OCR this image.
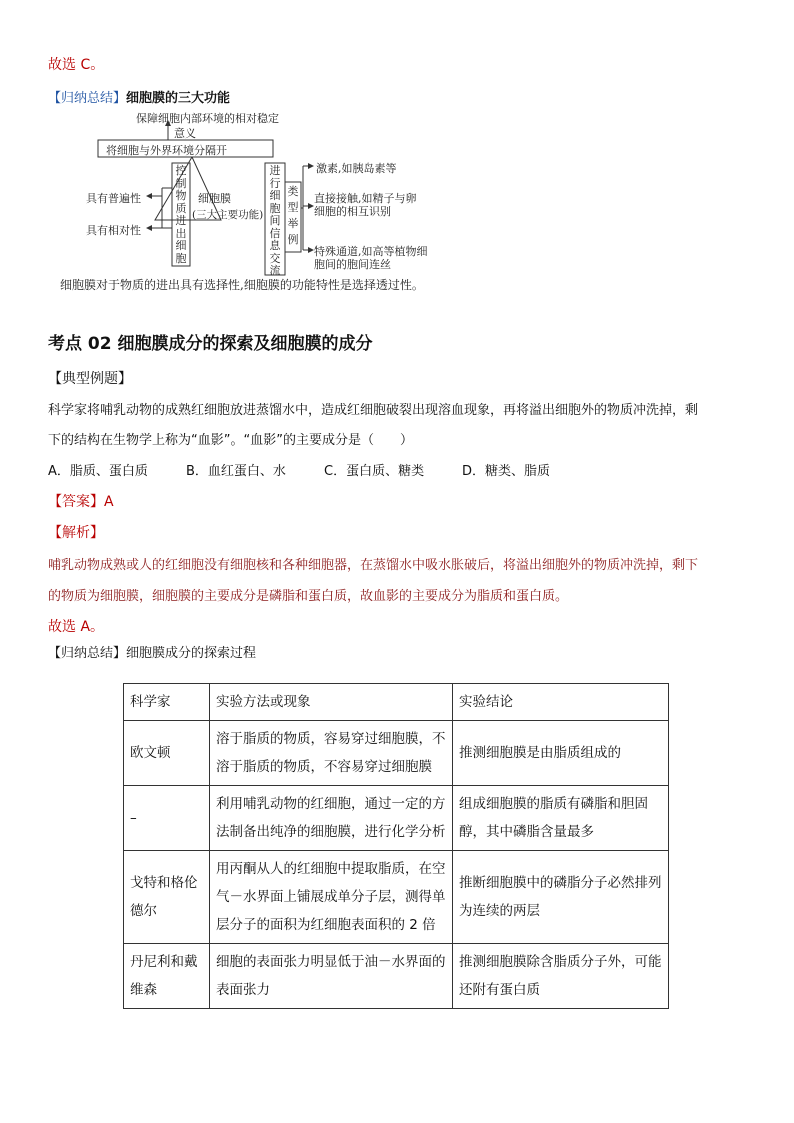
故选 C。
【归纳总结】细胞膜的三大功能
保障细胞内部环境的相对稳定
意义
将细胞与外界环境分隔开
控制物质进出细胞
细胞膜
(三大主要功能)
进行细胞间信息交流
类型举例
具有普遍性
具有相对性
激素,如胰岛素等
直接接触,如精子与卵细胞的相互识别
特殊通道,如高等植物细胞间的胞间连丝
细胞膜对于物质的进出具有选择性,细胞膜的功能特性是选择透过性。
考点 02 细胞膜成分的探索及细胞膜的成分
【典型例题】
科学家将哺乳动物的成熟红细胞放进蒸馏水中，造成红细胞破裂出现溶血现象，再将溢出细胞外的物质冲洗掉，剩
下的结构在生物学上称为“血影”。“血影”的主要成分是（　　）
A．脂质、蛋白质	B．血红蛋白、水	C．蛋白质、糖类	D．糖类、脂质
【答案】A
【解析】
哺乳动物成熟或人的红细胞没有细胞核和各种细胞器，在蒸馏水中吸水胀破后，将溢出细胞外的物质冲洗掉，剩下
的物质为细胞膜，细胞膜的主要成分是磷脂和蛋白质，故血影的主要成分为脂质和蛋白质。
故选 A。
【归纳总结】细胞膜成分的探索过程
科学家	实验方法或现象	实验结论
欧文顿	溶于脂质的物质，容易穿过细胞膜，不溶于脂质的物质，不容易穿过细胞膜	推测细胞膜是由脂质组成的
–	利用哺乳动物的红细胞，通过一定的方法制备出纯净的细胞膜，进行化学分析	组成细胞膜的脂质有磷脂和胆固醇，其中磷脂含量最多
戈特和格伦德尔	用丙酮从人的红细胞中提取脂质，在空气－水界面上铺展成单分子层，测得单层分子的面积为红细胞表面积的 2 倍	推断细胞膜中的磷脂分子必然排列为连续的两层
丹尼利和戴维森	细胞的表面张力明显低于油－水界面的表面张力	推测细胞膜除含脂质分子外，可能还附有蛋白质
